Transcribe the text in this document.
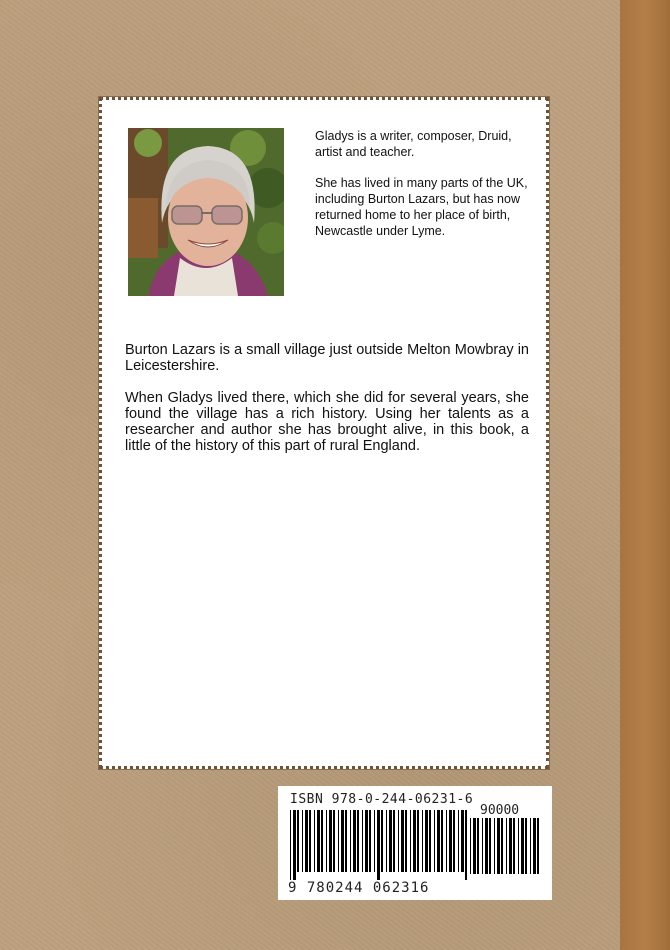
Gladys is a writer, composer, Druid, artist and teacher.

She has lived in many parts of the UK, including Burton Lazars, but has now returned home to her place of birth, Newcastle under Lyme.

Burton Lazars is a small village just outside Melton Mowbray in Leicestershire.

When Gladys lived there, which she did for several years, she found the village has a rich history. Using her talents as a researcher and author she has brought alive, in this book, a little of the history of this part of rural England.

ISBN 978-0-244-06231-6
90000
9 780244 062316
